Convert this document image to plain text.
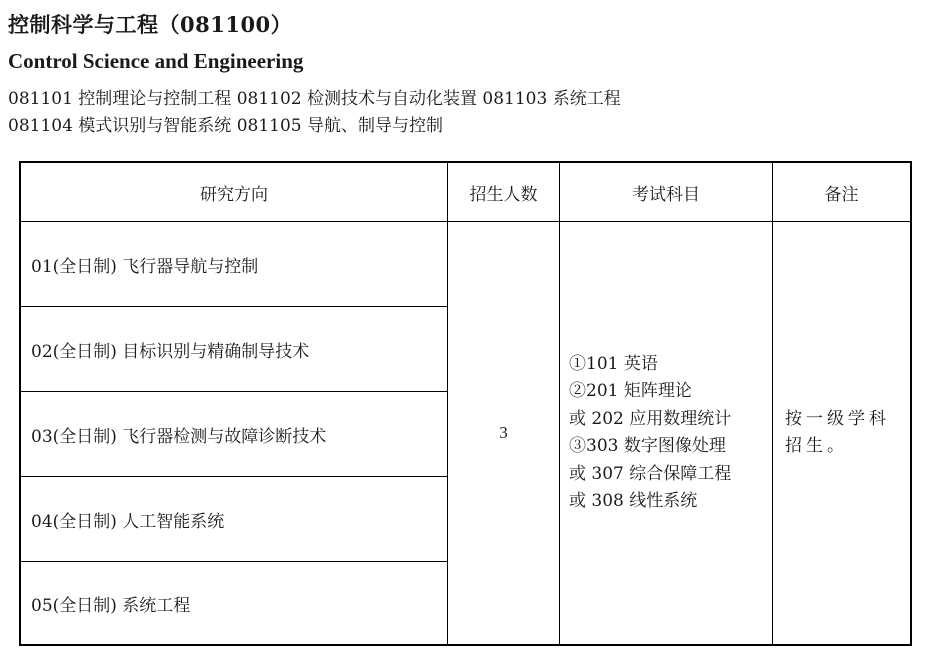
控制科学与工程（081100）
Control Science and Engineering
081101 控制理论与控制工程 081102 检测技术与自动化装置 081103 系统工程
081104 模式识别与智能系统 081105 导航、制导与控制
研究方向	招生人数	考试科目	备注
01(全日制) 飞行器导航与控制
02(全日制) 目标识别与精确制导技术
03(全日制) 飞行器检测与故障诊断技术
04(全日制) 人工智能系统
05(全日制) 系统工程
3
①101 英语
②201 矩阵理论
或 202 应用数理统计
③303 数字图像处理
或 307 综合保障工程
或 308 线性系统
按一级学科招生。
